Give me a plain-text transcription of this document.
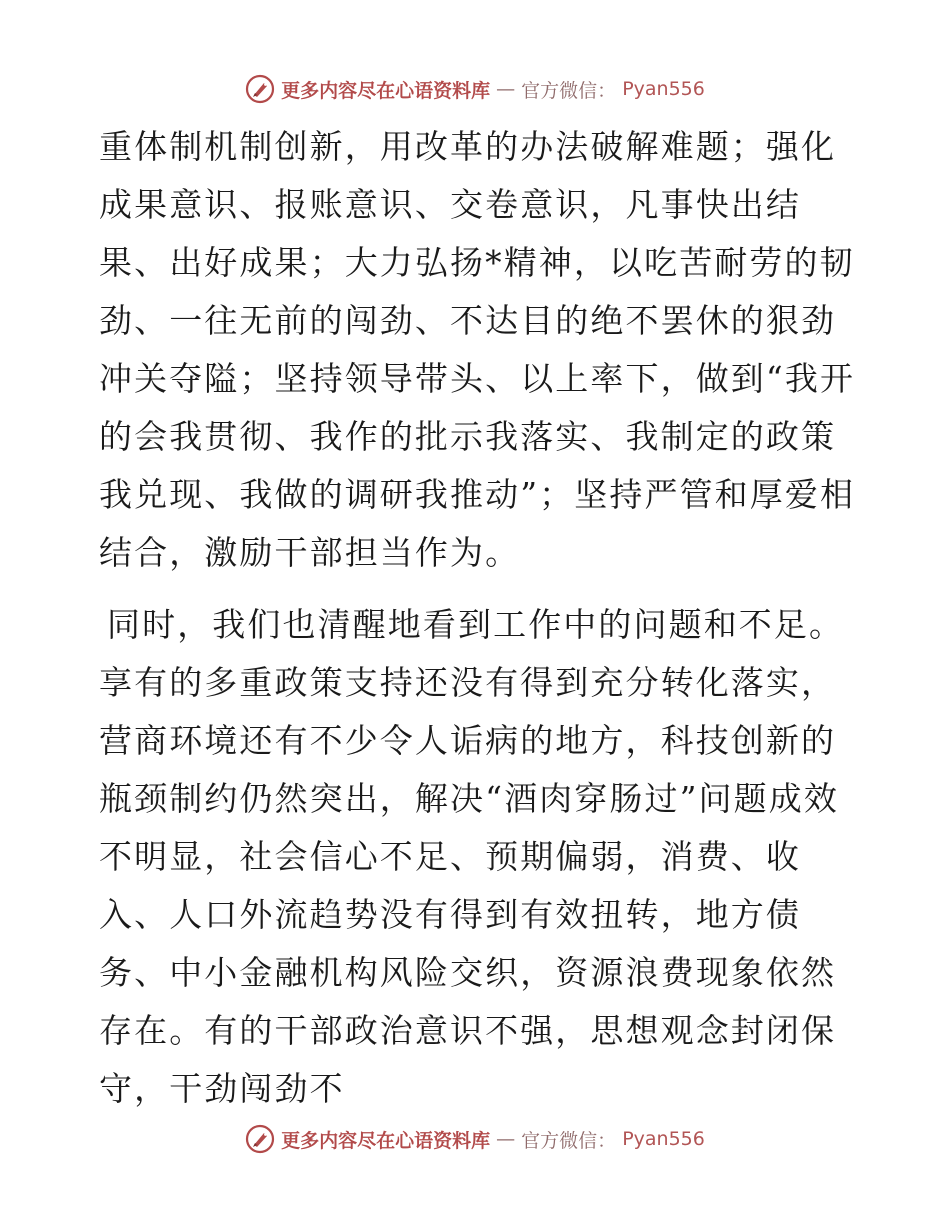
更多内容尽在心语资料库 — 官方微信： Pyan556

重体制机制创新，用改革的办法破解难题；强化成果意识、报账意识、交卷意识，凡事快出结果、出好成果；大力弘扬*精神，以吃苦耐劳的韧劲、一往无前的闯劲、不达目的绝不罢休的狠劲冲关夺隘；坚持领导带头、以上率下，做到“我开的会我贯彻、我作的批示我落实、我制定的政策我兑现、我做的调研我推动”；坚持严管和厚爱相结合，激励干部担当作为。

同时，我们也清醒地看到工作中的问题和不足。享有的多重政策支持还没有得到充分转化落实，营商环境还有不少令人诟病的地方，科技创新的瓶颈制约仍然突出，解决“酒肉穿肠过”问题成效不明显，社会信心不足、预期偏弱，消费、收入、人口外流趋势没有得到有效扭转，地方债务、中小金融机构风险交织，资源浪费现象依然存在。有的干部政治意识不强，思想观念封闭保守，干劲闯劲不

更多内容尽在心语资料库 — 官方微信： Pyan556
